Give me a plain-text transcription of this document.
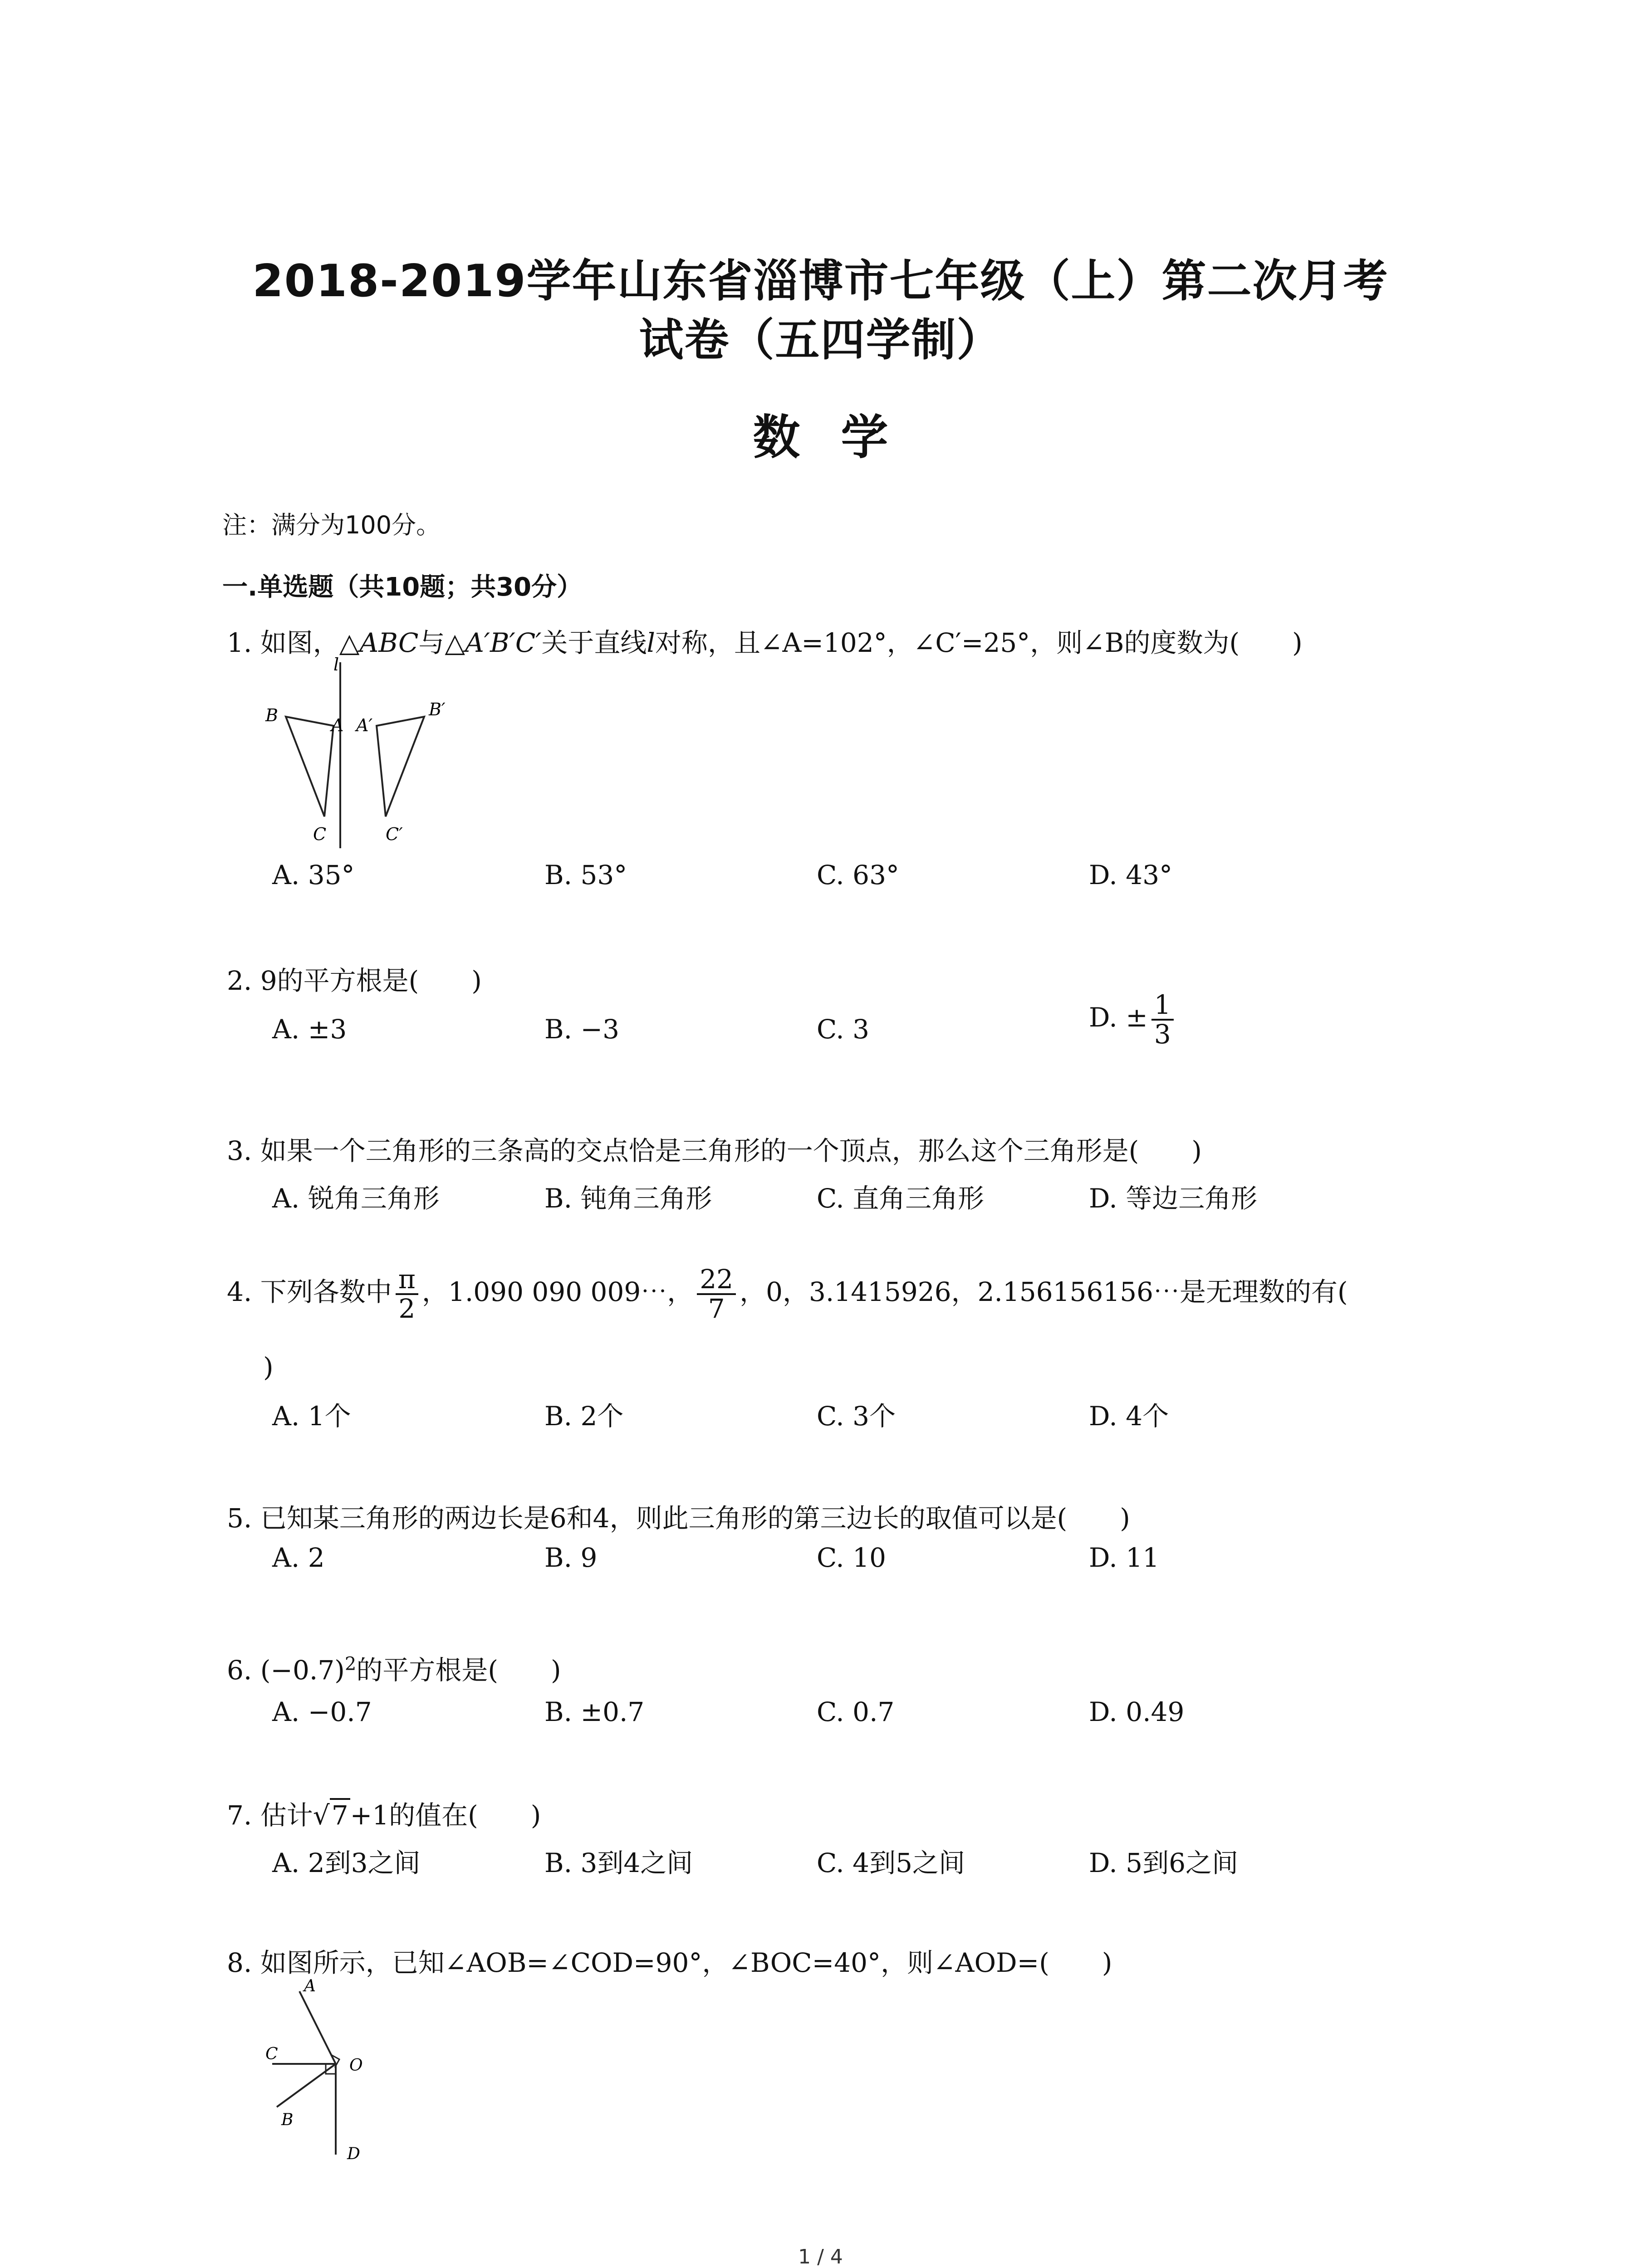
2018-2019学年山东省淄博市七年级（上）第二次月考
试卷（五四学制）
数学
注：满分为100分。
一.单选题（共10题；共30分）
1. 如图，△ABC与△A′B′C′关于直线l对称，且∠A=102°，∠C′=25°，则∠B的度数为(　　)
l
B	A A′
B′
C	C′
A. 35°	B. 53°	C. 63°	D. 43°
2. 9的平方根是(　　)
A. ±3	B. −3	C. 3	D. ± $\frac{1}{3}$
3. 如果一个三角形的三条高的交点恰是三角形的一个顶点，那么这个三角形是(　　)
A. 锐角三角形	B. 钝角三角形	C. 直角三角形	D. 等边三角形
4. 下列各数中 $\frac{\pi}{2}$ ，1.090 090 009⋯， $\frac{22}{7}$ ，0，3.1415926，2.156156156⋯是无理数的有(
)
A. 1个	B. 2个	C. 3个	D. 4个
5. 已知某三角形的两边长是6和4，则此三角形的第三边长的取值可以是(　　)
A. 2	B. 9	C. 10	D. 11
6. $(-0.7)^2$的平方根是(　　)
A. −0.7	B. ±0.7	C. 0.7	D. 0.49
7. 估计√7+1的值在(　　)
A. 2到3之间	B. 3到4之间	C. 4到5之间	D. 5到6之间
8. 如图所示，已知∠AOB=∠COD=90°，∠BOC=40°，则∠AOD=(　　)
A
C
O
B
D
1 / 4
